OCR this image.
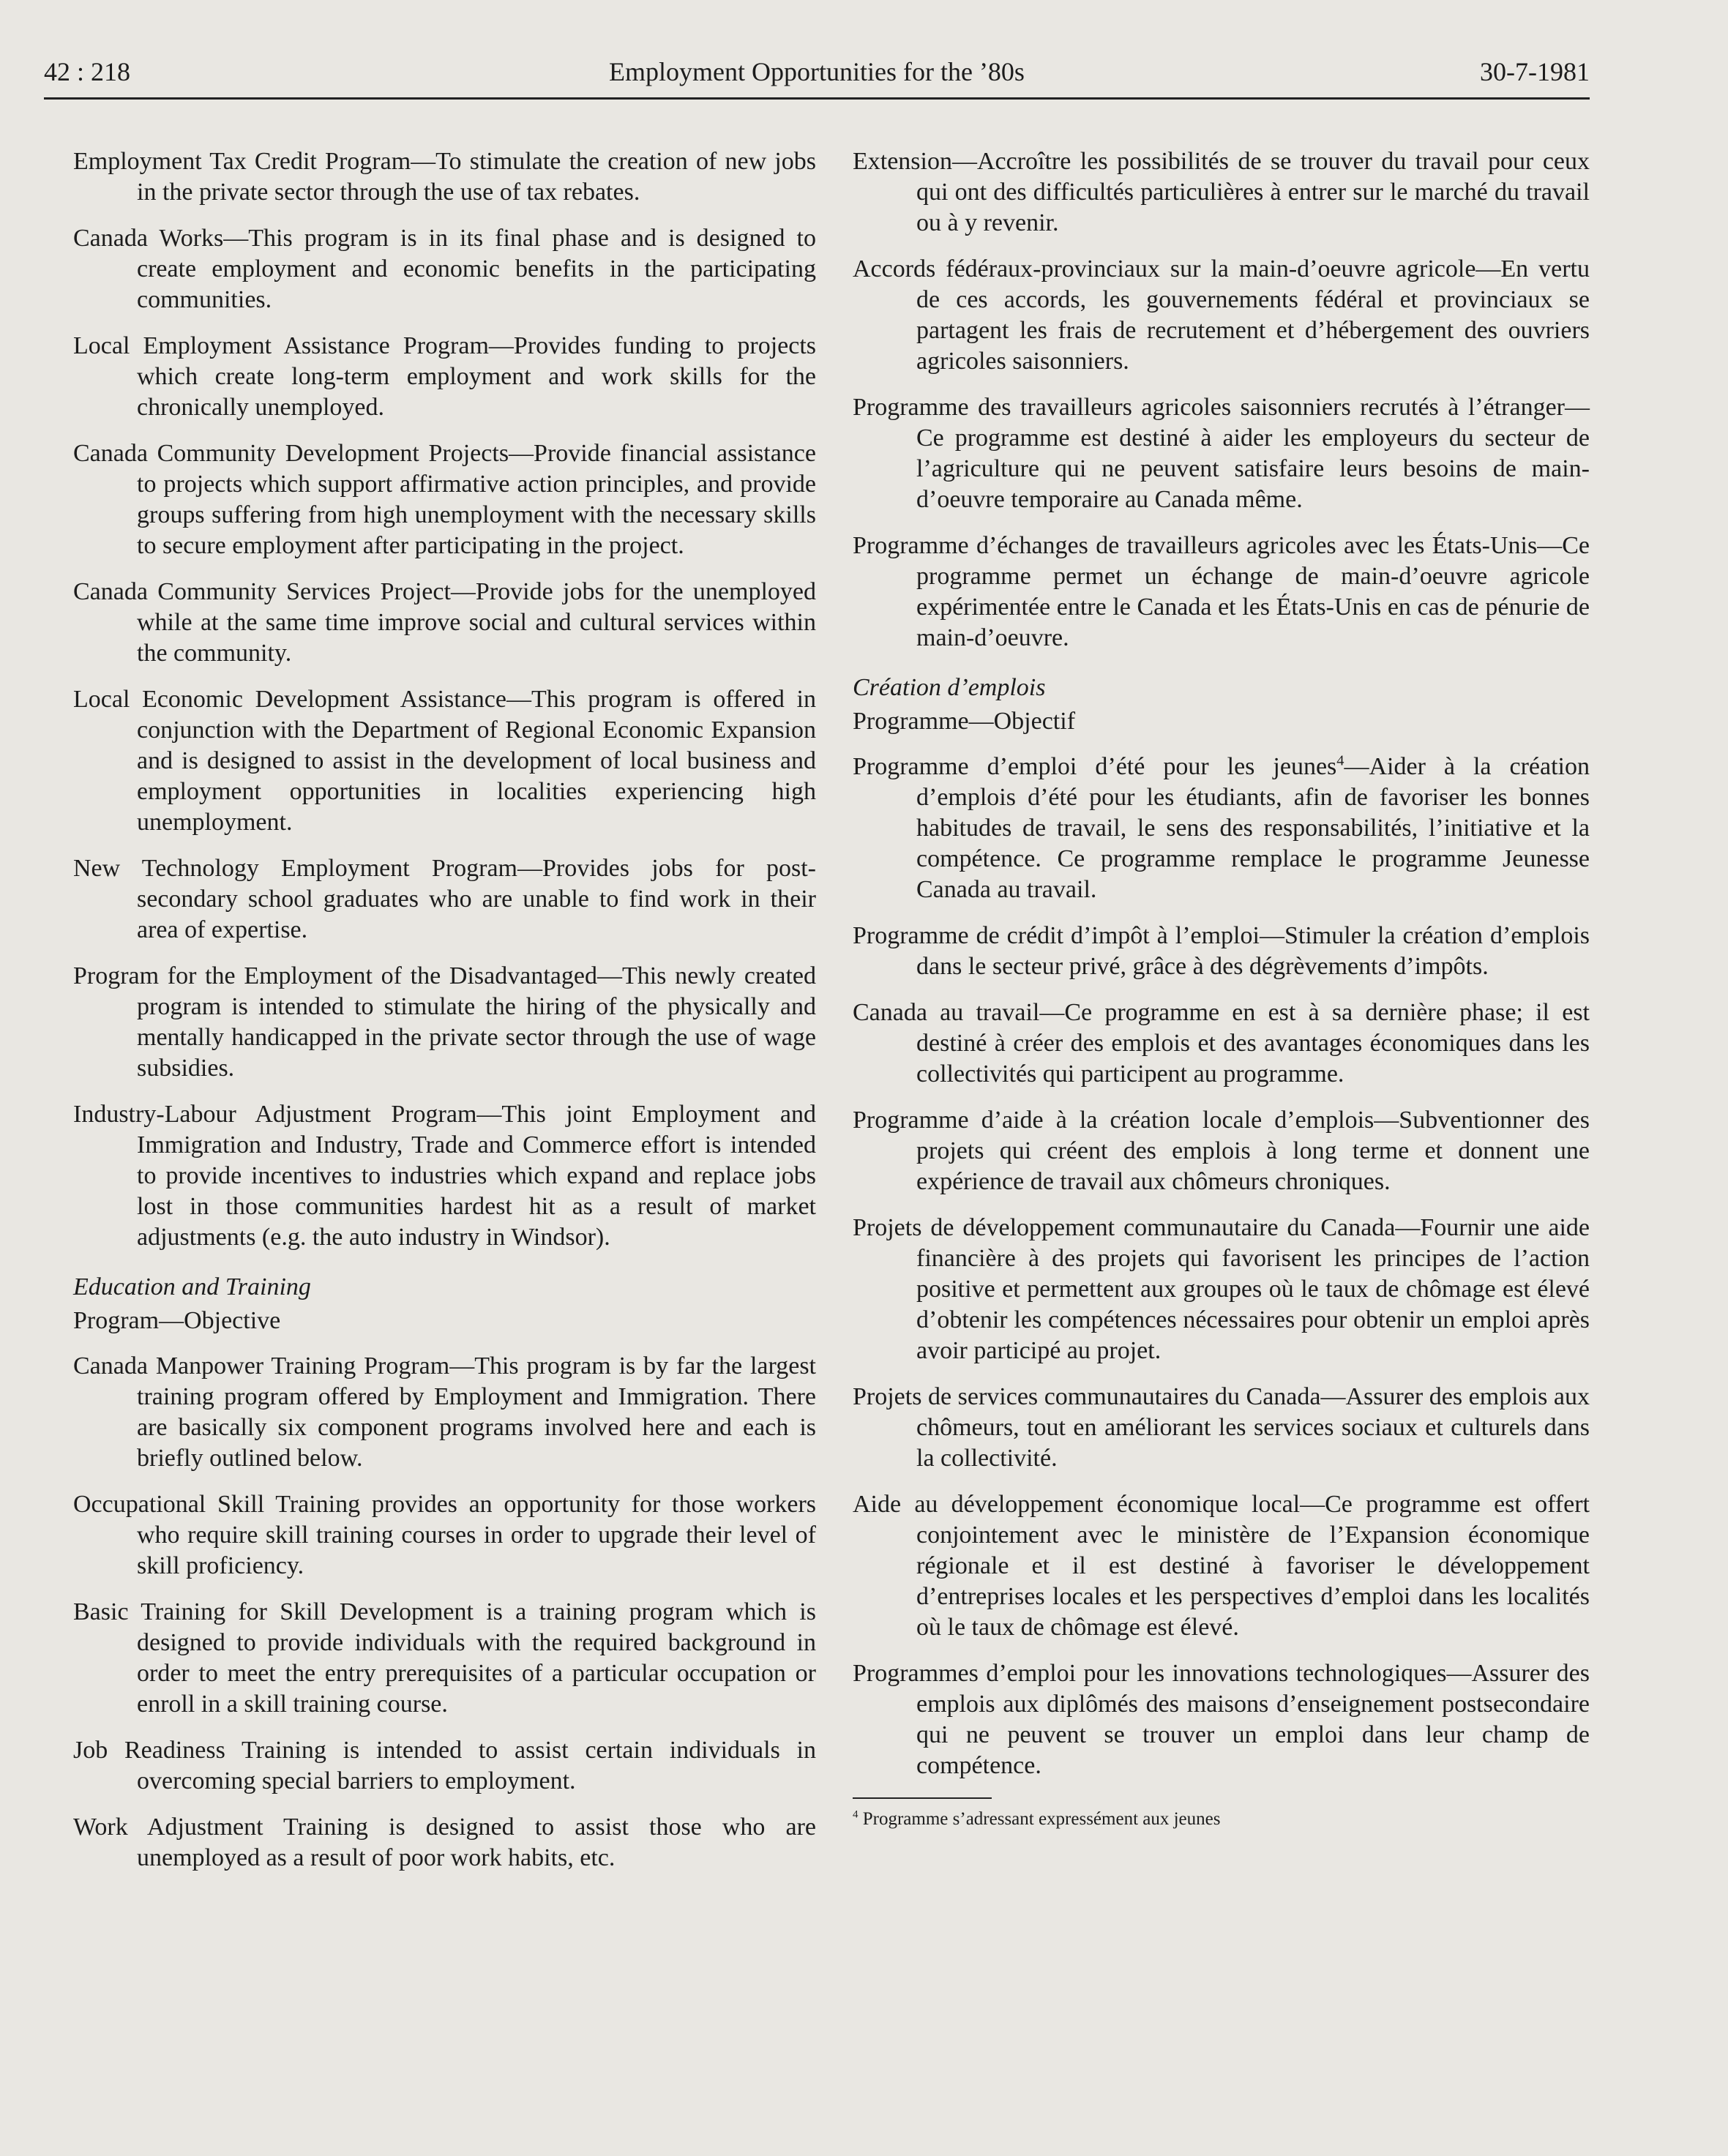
42 : 218	Employment Opportunities for the ’80s	30-7-1981

Employment Tax Credit Program—To stimulate the creation of new jobs in the private sector through the use of tax rebates.

Canada Works—This program is in its final phase and is designed to create employment and economic benefits in the participating communities.

Local Employment Assistance Program—Provides funding to projects which create long-term employment and work skills for the chronically unemployed.

Canada Community Development Projects—Provide financial assistance to projects which support affirmative action principles, and provide groups suffering from high unemployment with the necessary skills to secure employment after participating in the project.

Canada Community Services Project—Provide jobs for the unemployed while at the same time improve social and cultural services within the community.

Local Economic Development Assistance—This program is offered in conjunction with the Department of Regional Economic Expansion and is designed to assist in the development of local business and employment opportunities in localities experiencing high unemployment.

New Technology Employment Program—Provides jobs for post-secondary school graduates who are unable to find work in their area of expertise.

Program for the Employment of the Disadvantaged—This newly created program is intended to stimulate the hiring of the physically and mentally handicapped in the private sector through the use of wage subsidies.

Industry-Labour Adjustment Program—This joint Employment and Immigration and Industry, Trade and Commerce effort is intended to provide incentives to industries which expand and replace jobs lost in those communities hardest hit as a result of market adjustments (e.g. the auto industry in Windsor).

Education and Training
Program—Objective

Canada Manpower Training Program—This program is by far the largest training program offered by Employment and Immigration. There are basically six component programs involved here and each is briefly outlined below.

Occupational Skill Training provides an opportunity for those workers who require skill training courses in order to upgrade their level of skill proficiency.

Basic Training for Skill Development is a training program which is designed to provide individuals with the required background in order to meet the entry prerequisites of a particular occupation or enroll in a skill training course.

Job Readiness Training is intended to assist certain individuals in overcoming special barriers to employment.

Work Adjustment Training is designed to assist those who are unemployed as a result of poor work habits, etc.

Extension—Accroître les possibilités de se trouver du travail pour ceux qui ont des difficultés particulières à entrer sur le marché du travail ou à y revenir.

Accords fédéraux-provinciaux sur la main-d’oeuvre agricole—En vertu de ces accords, les gouvernements fédéral et provinciaux se partagent les frais de recrutement et d’hébergement des ouvriers agricoles saisonniers.

Programme des travailleurs agricoles saisonniers recrutés à l’étranger—Ce programme est destiné à aider les employeurs du secteur de l’agriculture qui ne peuvent satisfaire leurs besoins de main-d’oeuvre temporaire au Canada même.

Programme d’échanges de travailleurs agricoles avec les États-Unis—Ce programme permet un échange de main-d’oeuvre agricole expérimentée entre le Canada et les États-Unis en cas de pénurie de main-d’oeuvre.

Création d’emplois
Programme—Objectif

Programme d’emploi d’été pour les jeunes$^4$—Aider à la création d’emplois d’été pour les étudiants, afin de favoriser les bonnes habitudes de travail, le sens des responsabilités, l’initiative et la compétence. Ce programme remplace le programme Jeunesse Canada au travail.

Programme de crédit d’impôt à l’emploi—Stimuler la création d’emplois dans le secteur privé, grâce à des dégrèvements d’impôts.

Canada au travail—Ce programme en est à sa dernière phase; il est destiné à créer des emplois et des avantages économiques dans les collectivités qui participent au programme.

Programme d’aide à la création locale d’emplois—Subventionner des projets qui créent des emplois à long terme et donnent une expérience de travail aux chômeurs chroniques.

Projets de développement communautaire du Canada—Fournir une aide financière à des projets qui favorisent les principes de l’action positive et permettent aux groupes où le taux de chômage est élevé d’obtenir les compétences nécessaires pour obtenir un emploi après avoir participé au projet.

Projets de services communautaires du Canada—Assurer des emplois aux chômeurs, tout en améliorant les services sociaux et culturels dans la collectivité.

Aide au développement économique local—Ce programme est offert conjointement avec le ministère de l’Expansion économique régionale et il est destiné à favoriser le développement d’entreprises locales et les perspectives d’emploi dans les localités où le taux de chômage est élevé.

Programmes d’emploi pour les innovations technologiques—Assurer des emplois aux diplômés des maisons d’enseignement postsecondaire qui ne peuvent se trouver un emploi dans leur champ de compétence.

$^4$ Programme s’adressant expressément aux jeunes
